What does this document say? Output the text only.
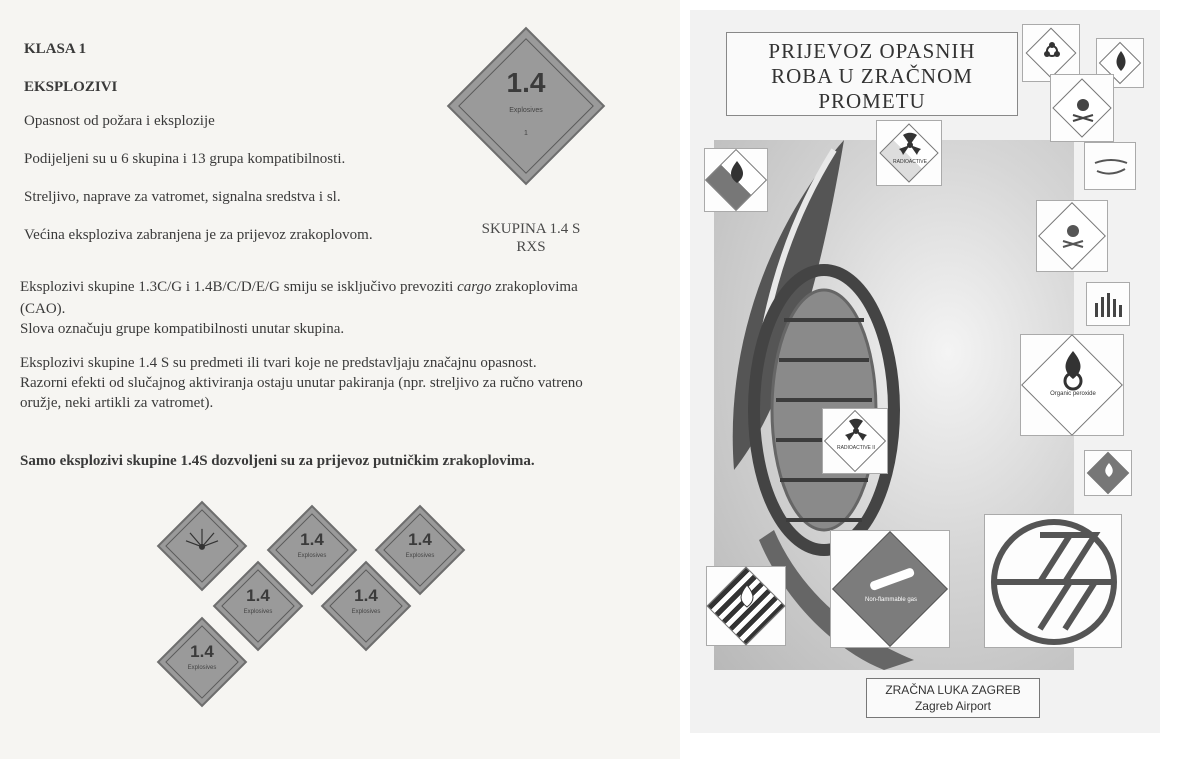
KLASA 1
EKSPLOZIVI
Opasnost od požara i eksplozije
Podijeljeni su u 6 skupina i 13 grupa kompatibilnosti.
Streljivo, naprave za vatromet, signalna sredstva i sl.
Većina eksploziva zabranjena je za prijevoz zrakoplovom.
1.4
Explosives
1
SKUPINA 1.4 S
RXS
Eksplozivi skupine 1.3C/G i 1.4B/C/D/E/G smiju se isključivo prevoziti cargo zrakoplovima
(CAO).
Slova označuju grupe kompatibilnosti unutar skupina.
Eksplozivi skupine 1.4 S su predmeti ili tvari koje ne predstavljaju značajnu opasnost.
Razorni efekti od slučajnog aktiviranja ostaju unutar pakiranja (npr. streljivo za ručno vatreno
oružje, neki artikli za vatromet).
Samo eksplozivi skupine 1.4S dozvoljeni su za prijevoz putničkim zrakoplovima.
1.4
Explosives
1.4
Explosives
1.4
Explosives
1.4
Explosives
1.4
Explosives
PRIJEVOZ OPASNIH
ROBA U ZRAČNOM
PROMETU
RADIOACTIVE
Organic peroxide
RADIOACTIVE II
Non-flammable gas
ZRAČNA LUKA ZAGREB
Zagreb Airport
